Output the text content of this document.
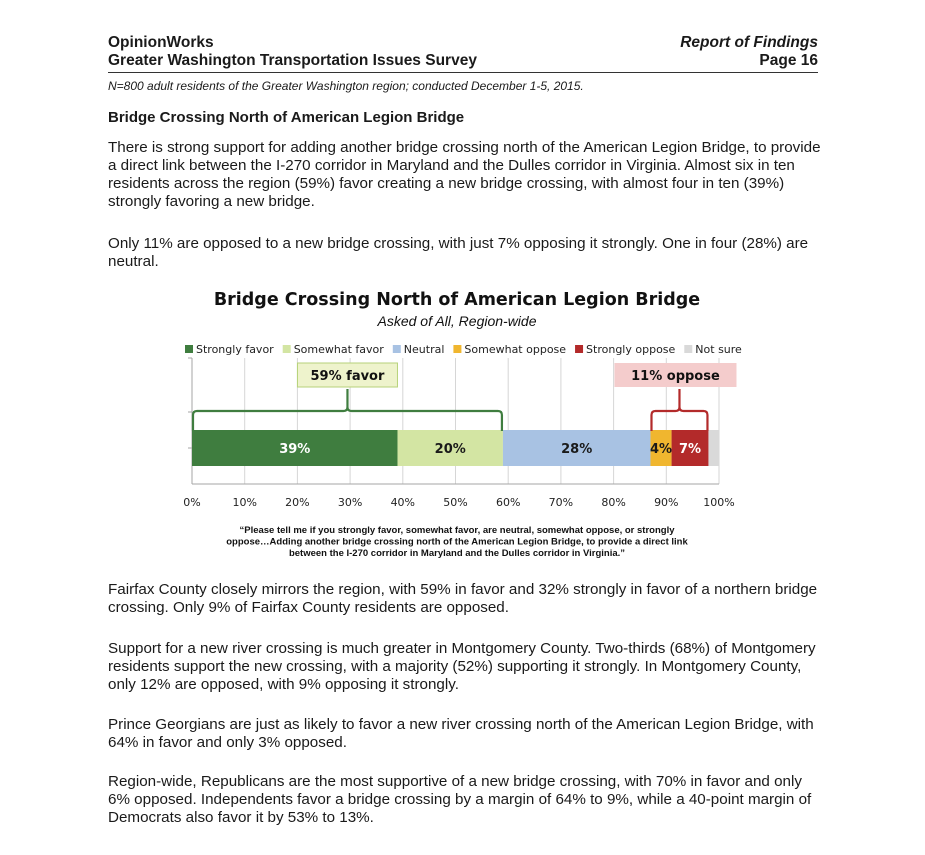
OpinionWorks
Greater Washington Transportation Issues Survey
Report of Findings
Page 16
N=800 adult residents of the Greater Washington region; conducted December 1-5, 2015.
Bridge Crossing North of American Legion Bridge
There is strong support for adding another bridge crossing north of the American Legion Bridge, to provide a direct link between the I-270 corridor in Maryland and the Dulles corridor in Virginia. Almost six in ten residents across the region (59%) favor creating a new bridge crossing, with almost four in ten (39%) strongly favoring a new bridge.
Only 11% are opposed to a new bridge crossing, with just 7% opposing it strongly. One in four (28%) are neutral.
Bridge Crossing North of American Legion Bridge
Asked of All, Region-wide
Strongly favor Somewhat favor Neutral Somewhat oppose Strongly oppose Not sure
0%	10%	20%	30%	40%	50%	60%	70%	80%	90% 100%
39%	20%	28%	4% 7%
59% favor	11% oppose
“Please tell me if you strongly favor, somewhat favor, are neutral, somewhat oppose, or strongly oppose…Adding another bridge crossing north of the American Legion Bridge, to provide a direct link between the I-270 corridor in Maryland and the Dulles corridor in Virginia.”
Fairfax County closely mirrors the region, with 59% in favor and 32% strongly in favor of a northern bridge crossing. Only 9% of Fairfax County residents are opposed.
Support for a new river crossing is much greater in Montgomery County. Two-thirds (68%) of Montgomery residents support the new crossing, with a majority (52%) supporting it strongly. In Montgomery County, only 12% are opposed, with 9% opposing it strongly.
Prince Georgians are just as likely to favor a new river crossing north of the American Legion Bridge, with 64% in favor and only 3% opposed.
Region-wide, Republicans are the most supportive of a new bridge crossing, with 70% in favor and only 6% opposed. Independents favor a bridge crossing by a margin of 64% to 9%, while a 40-point margin of Democrats also favor it by 53% to 13%.
